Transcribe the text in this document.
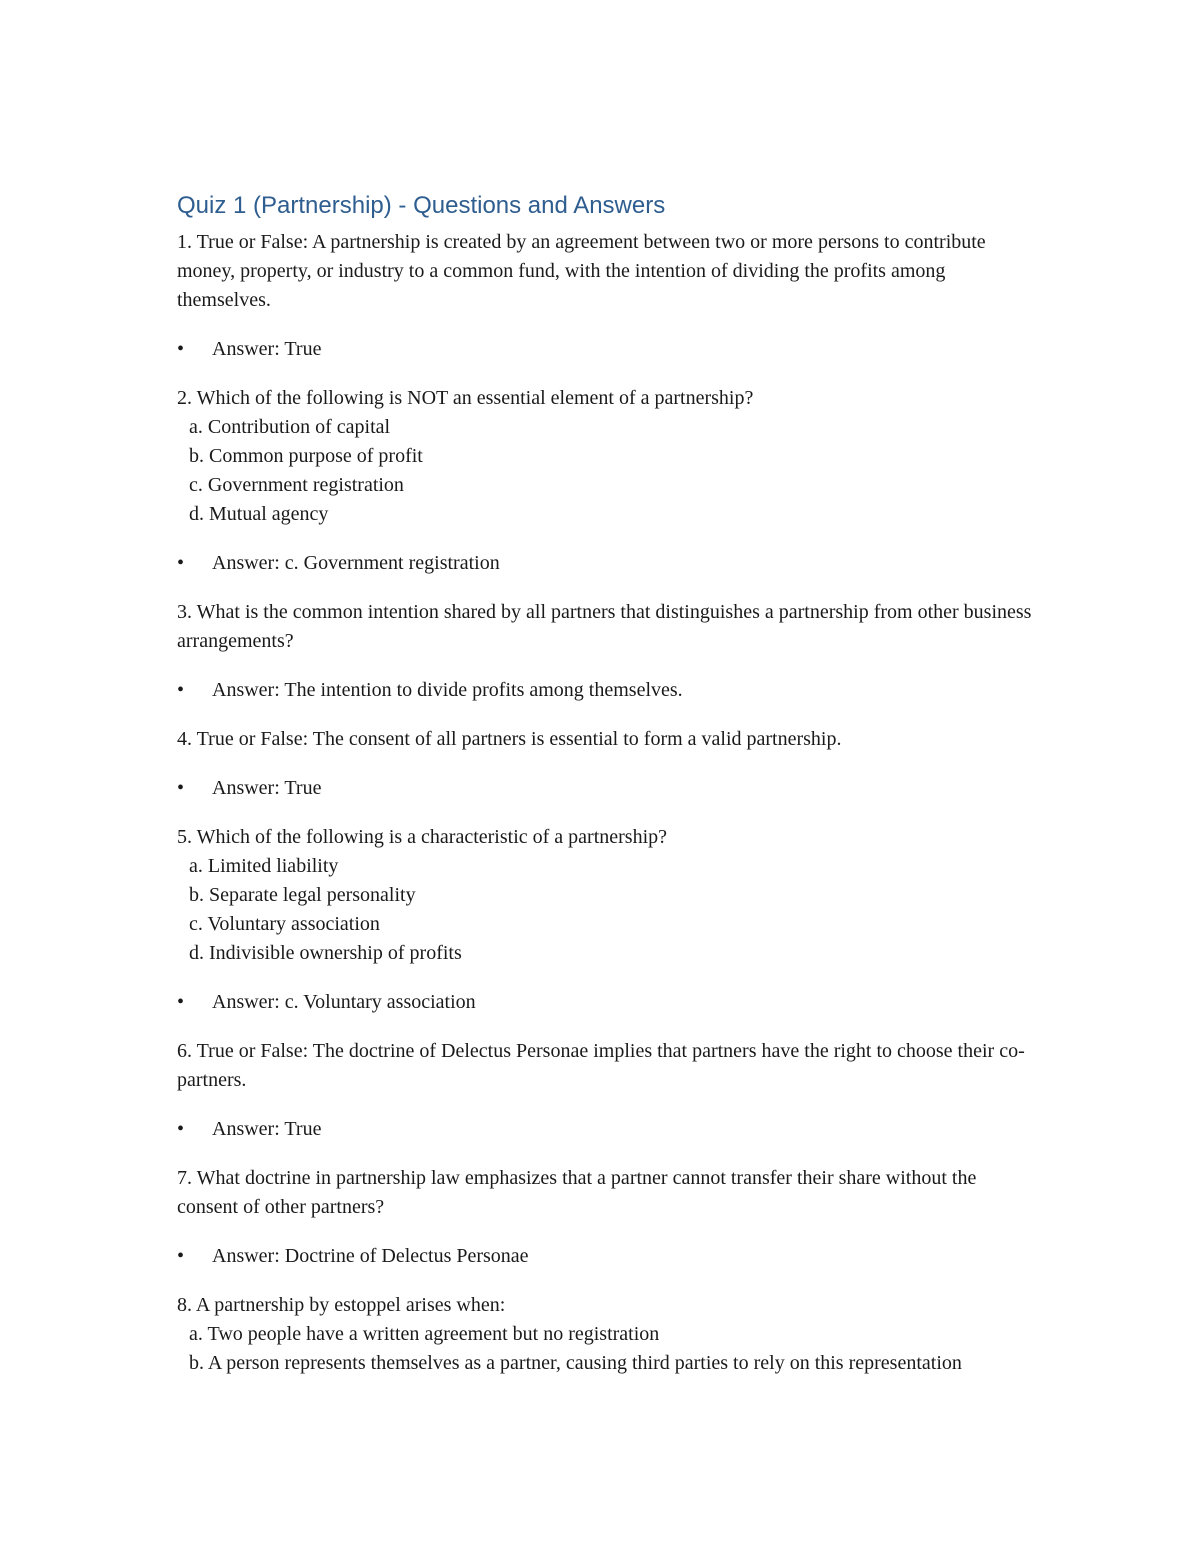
Quiz 1 (Partnership) - Questions and Answers

1. True or False: A partnership is created by an agreement between two or more persons to contribute money, property, or industry to a common fund, with the intention of dividing the profits among themselves.

• Answer: True

2. Which of the following is NOT an essential element of a partnership?

a. Contribution of capital
b. Common purpose of profit
c. Government registration
d. Mutual agency
• Answer: c. Government registration

3. What is the common intention shared by all partners that distinguishes a partnership from other business arrangements?

• Answer: The intention to divide profits among themselves.

4. True or False: The consent of all partners is essential to form a valid partnership.

• Answer: True

5. Which of the following is a characteristic of a partnership?

a. Limited liability
b. Separate legal personality
c. Voluntary association
d. Indivisible ownership of profits
• Answer: c. Voluntary association

6. True or False: The doctrine of Delectus Personae implies that partners have the right to choose their co-partners.

• Answer: True

7. What doctrine in partnership law emphasizes that a partner cannot transfer their share without the consent of other partners?

• Answer: Doctrine of Delectus Personae

8. A partnership by estoppel arises when:

a. Two people have a written agreement but no registration
b. A person represents themselves as a partner, causing third parties to rely on this representation
